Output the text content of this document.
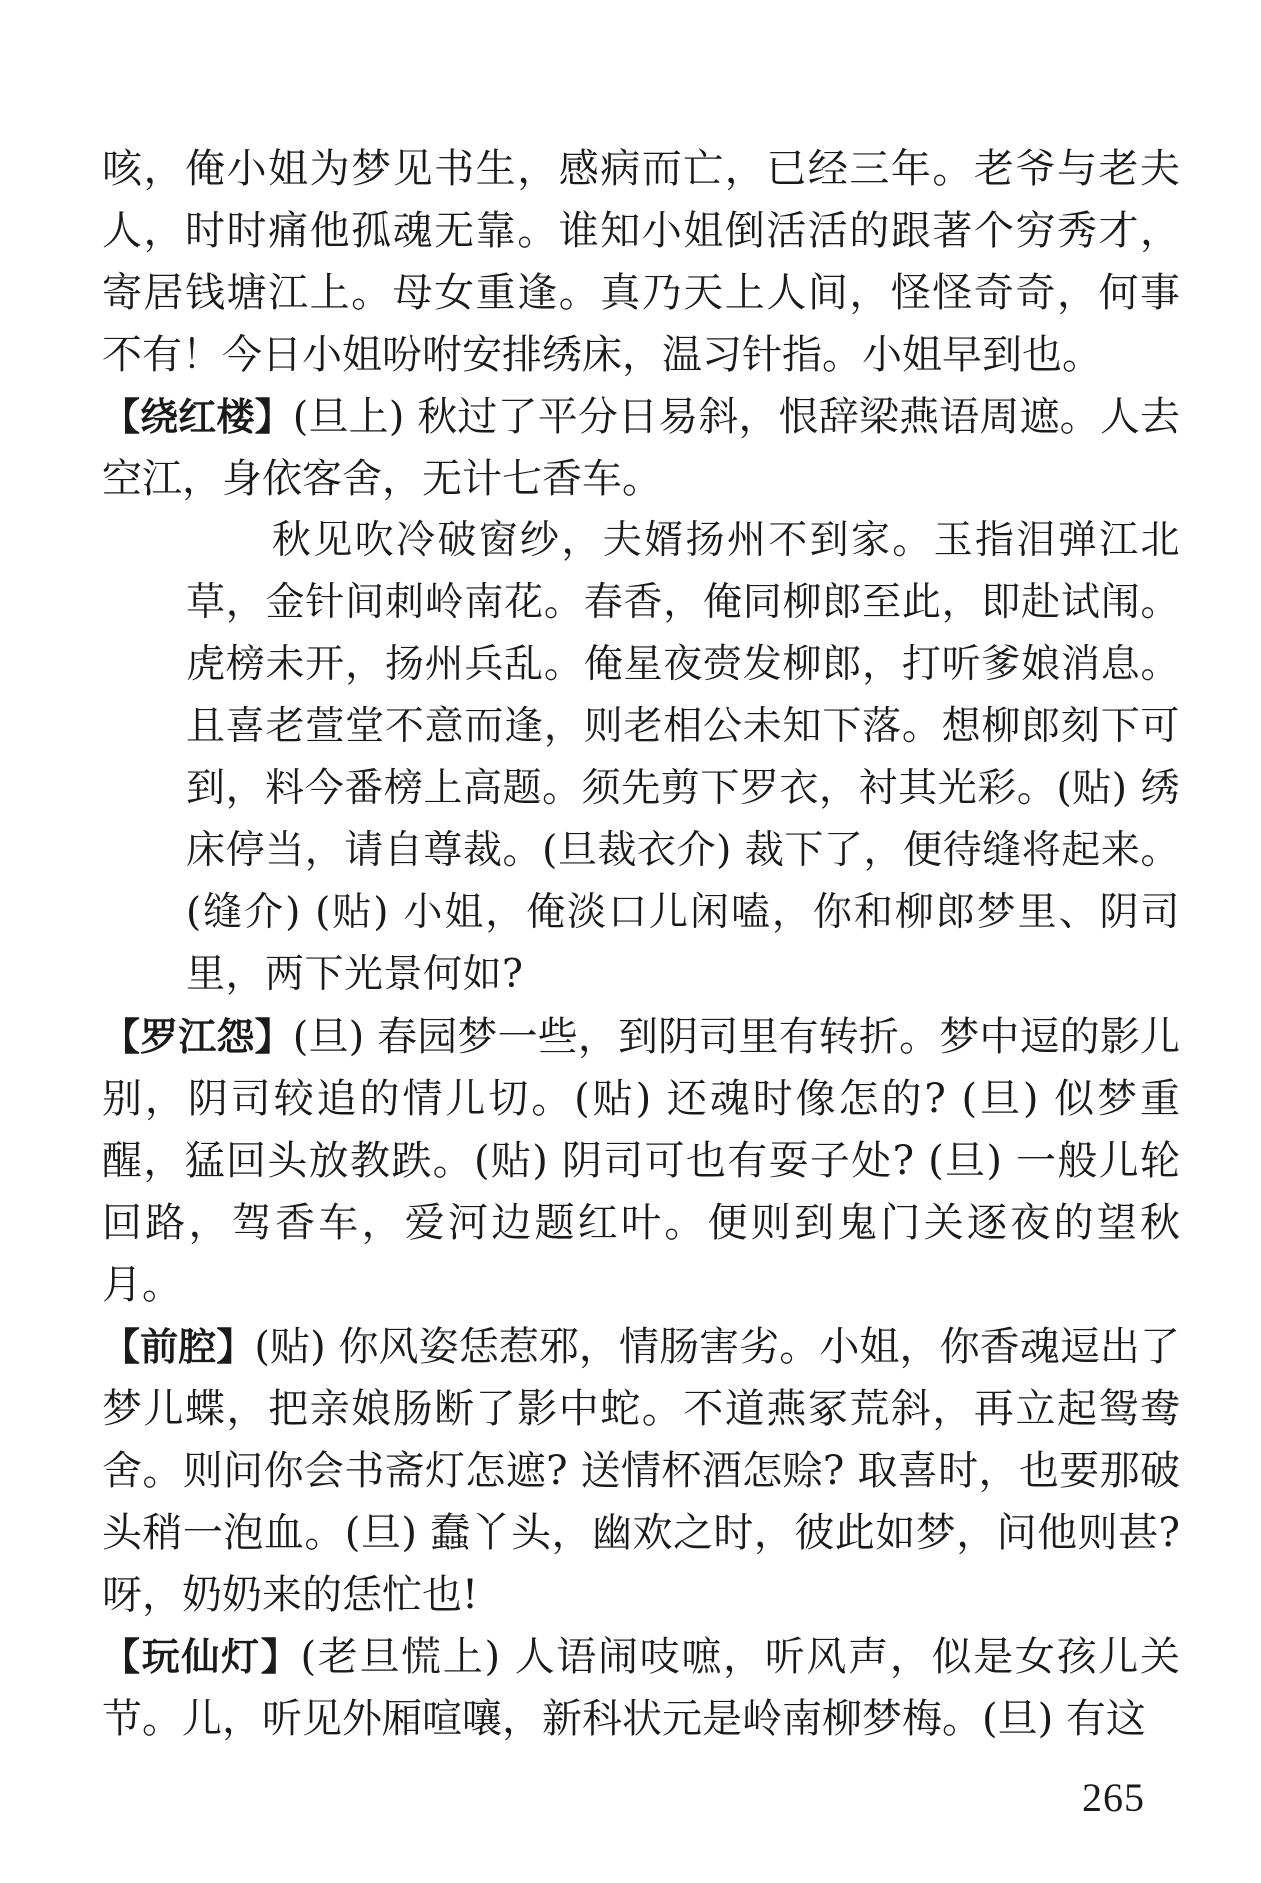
咳，俺小姐为梦见书生，感病而亡，已经三年。老爷与老夫人，时时痛他孤魂无靠。谁知小姐倒活活的跟著个穷秀才，寄居钱塘江上。母女重逢。真乃天上人间，怪怪奇奇，何事不有！今日小姐吩咐安排绣床，温习针指。小姐早到也。

【绕红楼】(旦上) 秋过了平分日易斜，恨辞梁燕语周遮。人去空江，身依客舍，无计七香车。

秋见吹冷破窗纱，夫婿扬州不到家。玉指泪弹江北草，金针间刺岭南花。春香，俺同柳郎至此，即赴试闱。虎榜未开，扬州兵乱。俺星夜赍发柳郎，打听爹娘消息。且喜老萱堂不意而逢，则老相公未知下落。想柳郎刻下可到，料今番榜上高题。须先剪下罗衣，衬其光彩。(贴) 绣床停当，请自尊裁。(旦裁衣介) 裁下了，便待缝将起来。(缝介) (贴) 小姐，俺淡口儿闲嗑，你和柳郎梦里、阴司里，两下光景何如?

【罗江怨】(旦) 春园梦一些，到阴司里有转折。梦中逗的影儿别，阴司较追的情儿切。(贴) 还魂时像怎的? (旦) 似梦重醒，猛回头放教跌。(贴) 阴司可也有耍子处? (旦) 一般儿轮回路，驾香车，爱河边题红叶。便则到鬼门关逐夜的望秋月。

【前腔】(贴) 你风姿恁惹邪，情肠害劣。小姐，你香魂逗出了梦儿蝶，把亲娘肠断了影中蛇。不道燕冢荒斜，再立起鸳鸯舍。则问你会书斋灯怎遮? 送情杯酒怎赊? 取喜时，也要那破头稍一泡血。(旦) 蠢丫头，幽欢之时，彼此如梦，问他则甚? 呀，奶奶来的恁忙也!

【玩仙灯】(老旦慌上) 人语闹吱嗻，听风声，似是女孩儿关节。儿，听见外厢喧嚷，新科状元是岭南柳梦梅。(旦) 有这

265
